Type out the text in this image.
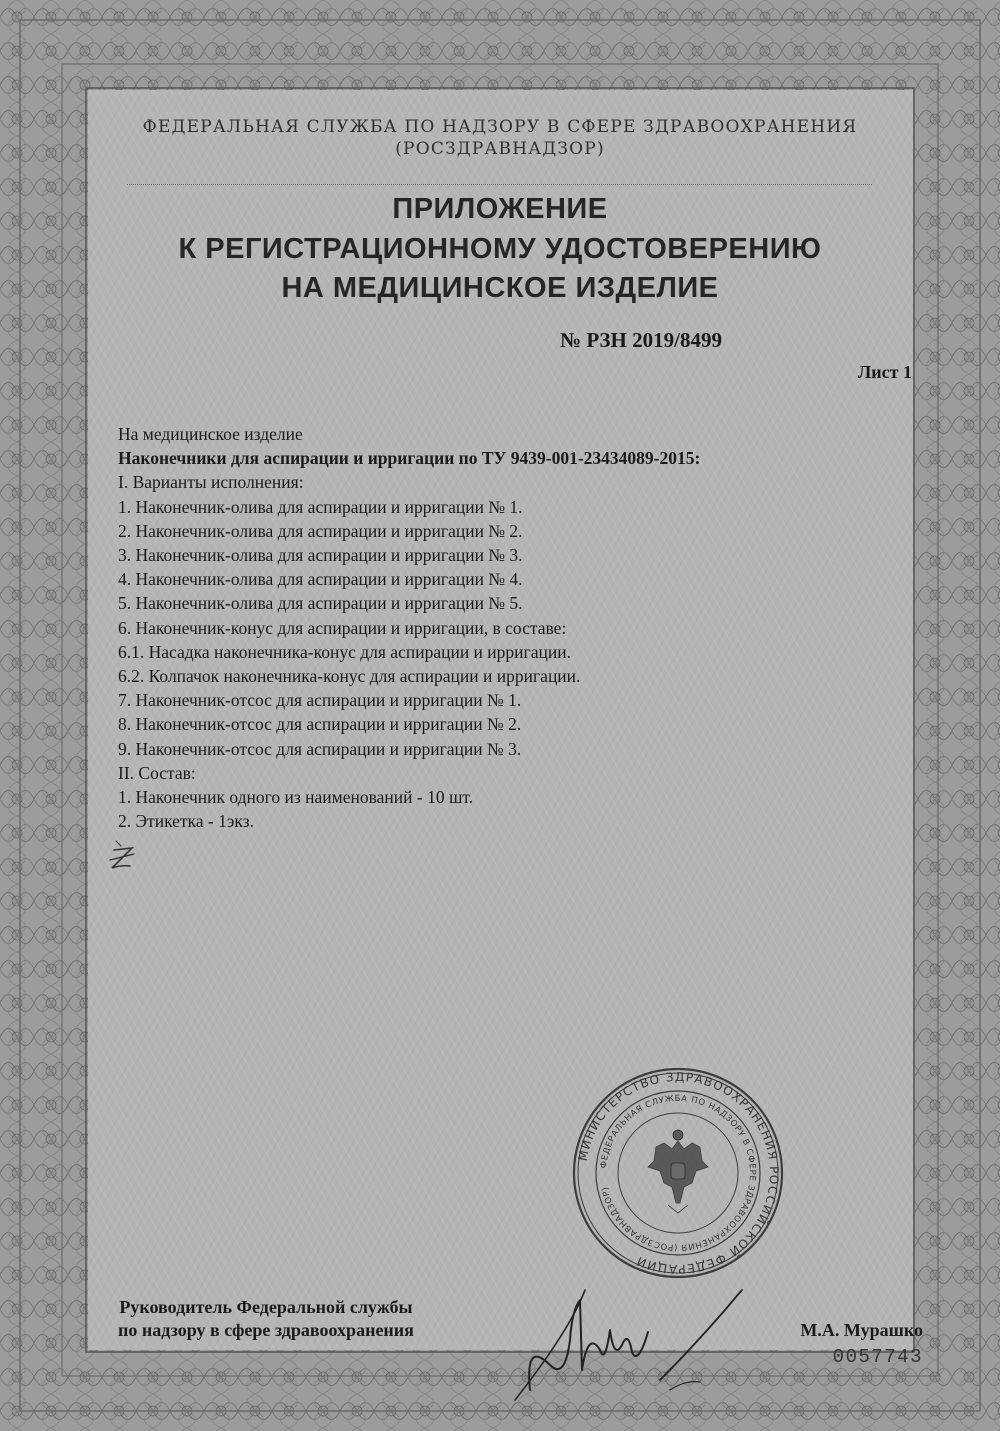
ФЕДЕРАЛЬНАЯ СЛУЖБА ПО НАДЗОРУ В СФЕРЕ ЗДРАВООХРАНЕНИЯ
(РОСЗДРАВНАДЗОР)
ПРИЛОЖЕНИЕ
К РЕГИСТРАЦИОННОМУ УДОСТОВЕРЕНИЮ
НА МЕДИЦИНСКОЕ ИЗДЕЛИЕ
№ РЗН 2019/8499
Лист 1
На медицинское изделие
Наконечники для аспирации и ирригации по ТУ 9439-001-23434089-2015:
I. Варианты исполнения:
1. Наконечник-олива для аспирации и ирригации № 1.
2. Наконечник-олива для аспирации и ирригации № 2.
3. Наконечник-олива для аспирации и ирригации № 3.
4. Наконечник-олива для аспирации и ирригации № 4.
5. Наконечник-олива для аспирации и ирригации № 5.
6. Наконечник-конус для аспирации и ирригации, в составе:
6.1. Насадка наконечника-конус для аспирации и ирригации.
6.2. Колпачок наконечника-конус для аспирации и ирригации.
7. Наконечник-отсос для аспирации и ирригации № 1.
8. Наконечник-отсос для аспирации и ирригации № 2.
9. Наконечник-отсос для аспирации и ирригации № 3.
II. Состав:
1. Наконечник одного из наименований - 10 шт.
2. Этикетка - 1экз.
МИНИСТЕРСТВО ЗДРАВООХРАНЕНИЯ РОССИЙСКОЙ ФЕДЕРАЦИИ
ФЕДЕРАЛЬНАЯ СЛУЖБА ПО НАДЗОРУ В СФЕРЕ ЗДРАВООХРАНЕНИЯ (РОСЗДРАВНАДЗОР)
Руководитель Федеральной службы
по надзору в сфере здравоохранения	М.А. Мурашко
0057743
